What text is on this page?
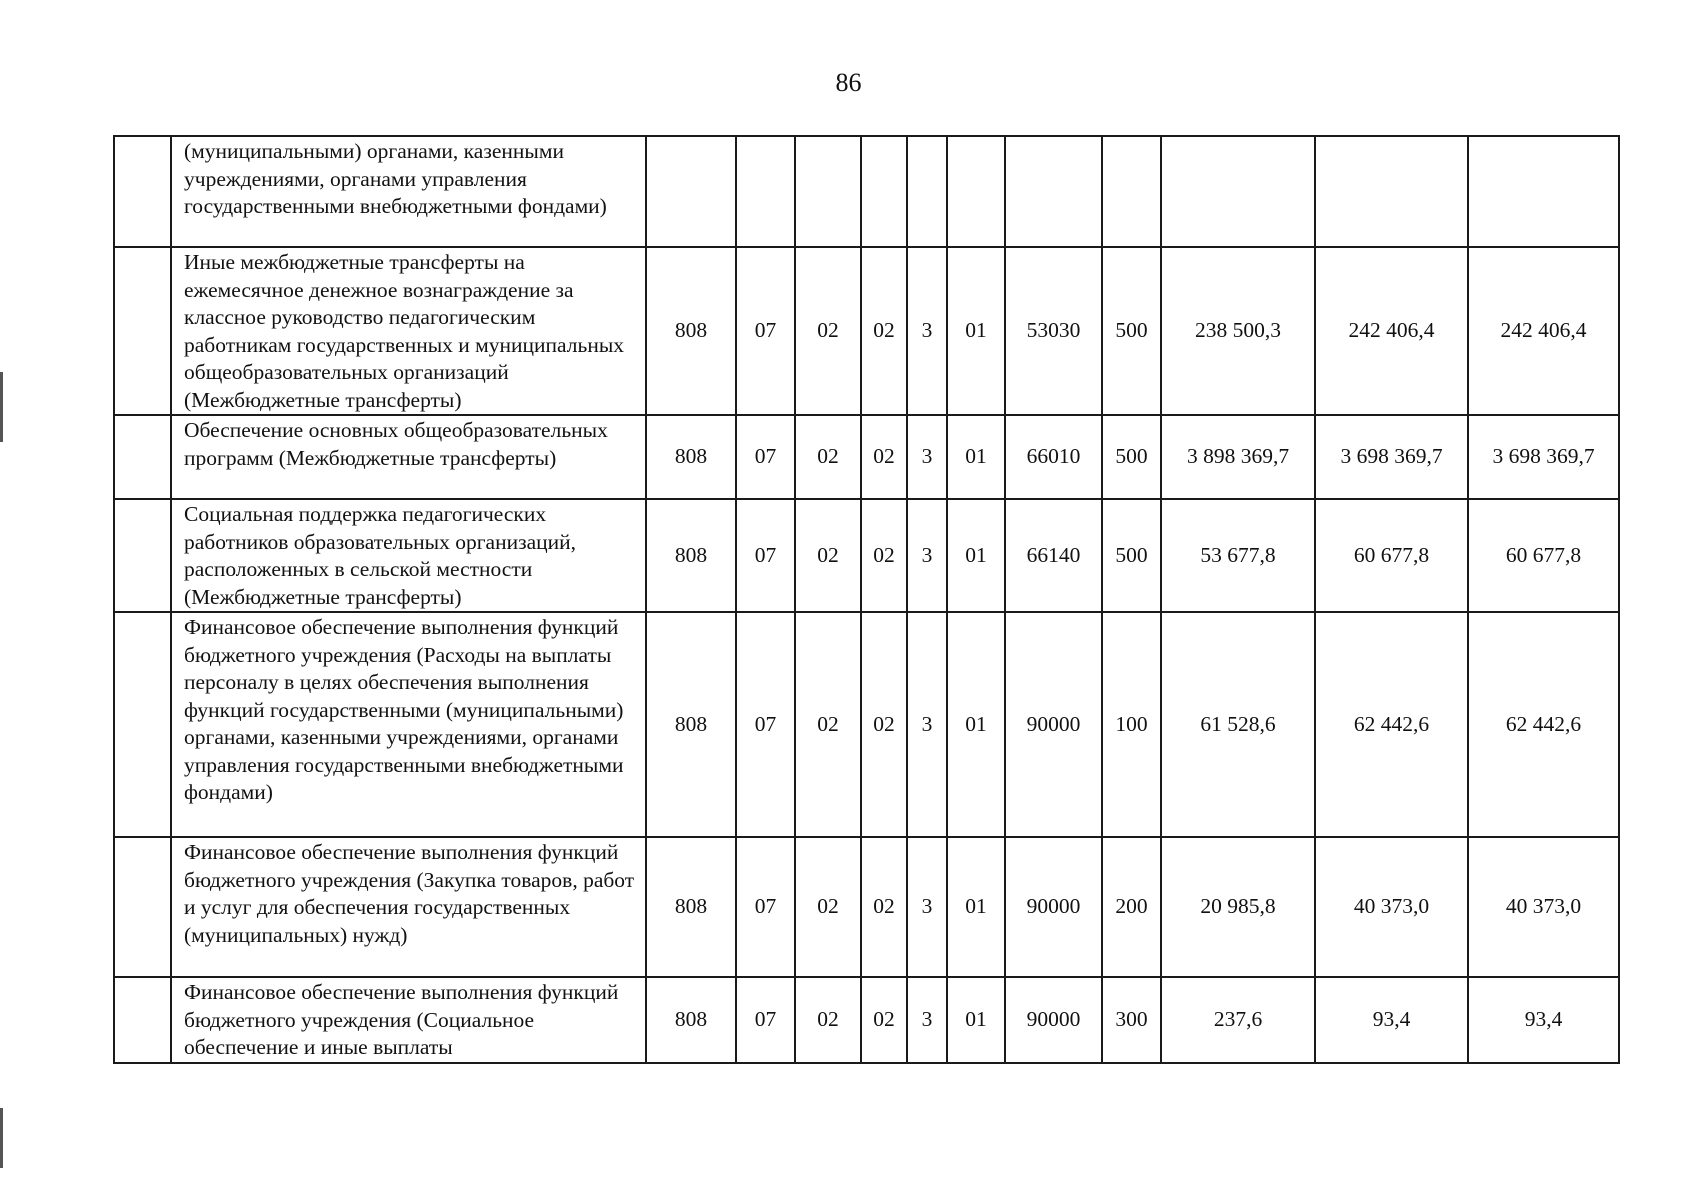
86
	(муниципальными) органами, казенными учреждениями, органами управления государственными внебюджетными фондами)											
	Иные межбюджетные трансферты на ежемесячное денежное вознаграждение за классное руководство педагогическим работникам государственных и муниципальных общеобразовательных организаций (Межбюджетные трансферты)	808	07	02	02	3	01	53030	500	238 500,3	242 406,4	242 406,4
	Обеспечение основных общеобразовательных программ (Межбюджетные трансферты)	808	07	02	02	3	01	66010	500	3 898 369,7	3 698 369,7	3 698 369,7
	Социальная поддержка педагогических работников образовательных организаций, расположенных в сельской местности (Межбюджетные трансферты)	808	07	02	02	3	01	66140	500	53 677,8	60 677,8	60 677,8
	Финансовое обеспечение выполнения функций бюджетного учреждения (Расходы на выплаты персоналу в целях обеспечения выполнения функций государственными (муниципальными) органами, казенными учреждениями, органами управления государственными внебюджетными фондами)	808	07	02	02	3	01	90000	100	61 528,6	62 442,6	62 442,6
	Финансовое обеспечение выполнения функций бюджетного учреждения (Закупка товаров, работ и услуг для обеспечения государственных (муниципальных) нужд)	808	07	02	02	3	01	90000	200	20 985,8	40 373,0	40 373,0
	Финансовое обеспечение выполнения функций бюджетного учреждения (Социальное обеспечение и иные выплаты	808	07	02	02	3	01	90000	300	237,6	93,4	93,4
